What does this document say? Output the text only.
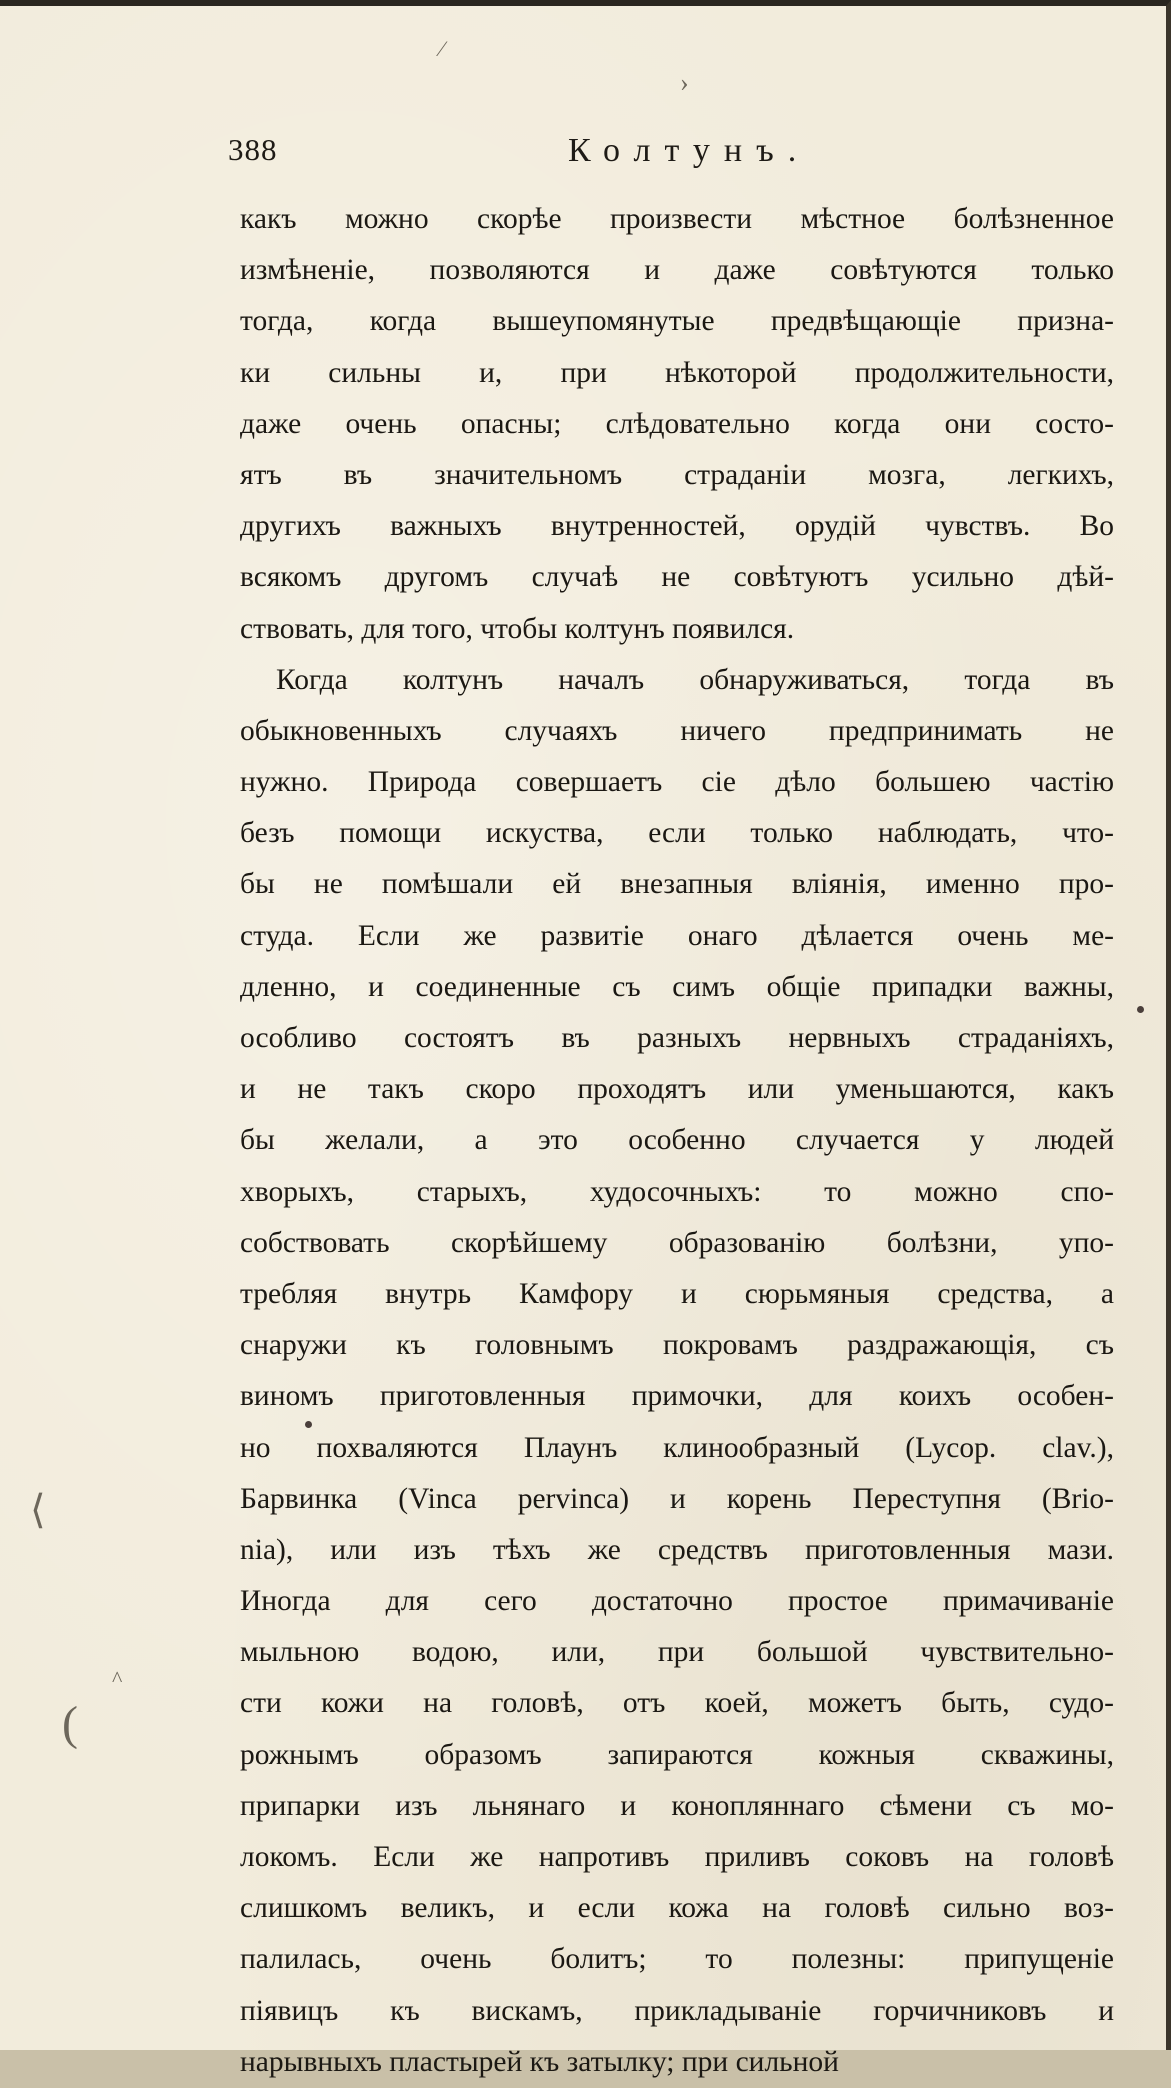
388	Колтунъ.
какъ можно скорѣе произвести мѣстное болѣзненное
измѣненіе, позволяются и даже совѣтуются только
тогда, когда вышеупомянутые предвѣщающіе призна-
ки сильны и, при нѣкоторой продолжительности,
даже очень опасны; слѣдовательно когда они состо-
ятъ въ значительномъ страданіи мозга, легкихъ,
другихъ важныхъ внутренностей, орудій чувствъ. Во
всякомъ другомъ случаѣ не совѣтуютъ усильно дѣй-
ствовать, для того, чтобы колтунъ появился.
Когда колтунъ началъ обнаруживаться, тогда въ
обыкновенныхъ случаяхъ ничего предпринимать не
нужно. Природа совершаетъ сіе дѣло большею частію
безъ помощи искуства, если только наблюдать, что-
бы не помѣшали ей внезапныя вліянія, именно про-
студа. Если же развитіе онаго дѣлается очень ме-
дленно, и соединенные съ симъ общіе припадки важны,
особливо состоятъ въ разныхъ нервныхъ страданіяхъ,
и не такъ скоро проходятъ или уменьшаются, какъ
бы желали, а это особенно случается у людей
хворыхъ, старыхъ, худосочныхъ: то можно спо-
собствовать скорѣйшему образованію болѣзни, упо-
требляя внутрь Камфору и сюрьмяныя средства, а
снаружи къ головнымъ покровамъ раздражающія, съ
виномъ приготовленныя примочки, для коихъ особен-
но похваляются Плаунъ клинообразный (Lycop. clav.),
Барвинка (Vinca pervinca) и корень Переступня (Brio-
nia), или изъ тѣхъ же средствъ приготовленныя мази.
Иногда для сего достаточно простое примачиваніе
мыльною водою, или, при большой чувствительно-
сти кожи на головѣ, отъ коей, можетъ быть, судо-
рожнымъ образомъ запираются кожныя скважины,
припарки изъ льнянаго и конопляннаго сѣмени съ мо-
локомъ. Если же напротивъ приливъ соковъ на головѣ
слишкомъ великъ, и если кожа на головѣ сильно воз-
палилась, очень болитъ; то полезны: припущеніе
піявицъ къ вискамъ, прикладываніе горчичниковъ и
нарывныхъ пластырей къ затылку; при сильной
⁄
›
⟨
(
^
